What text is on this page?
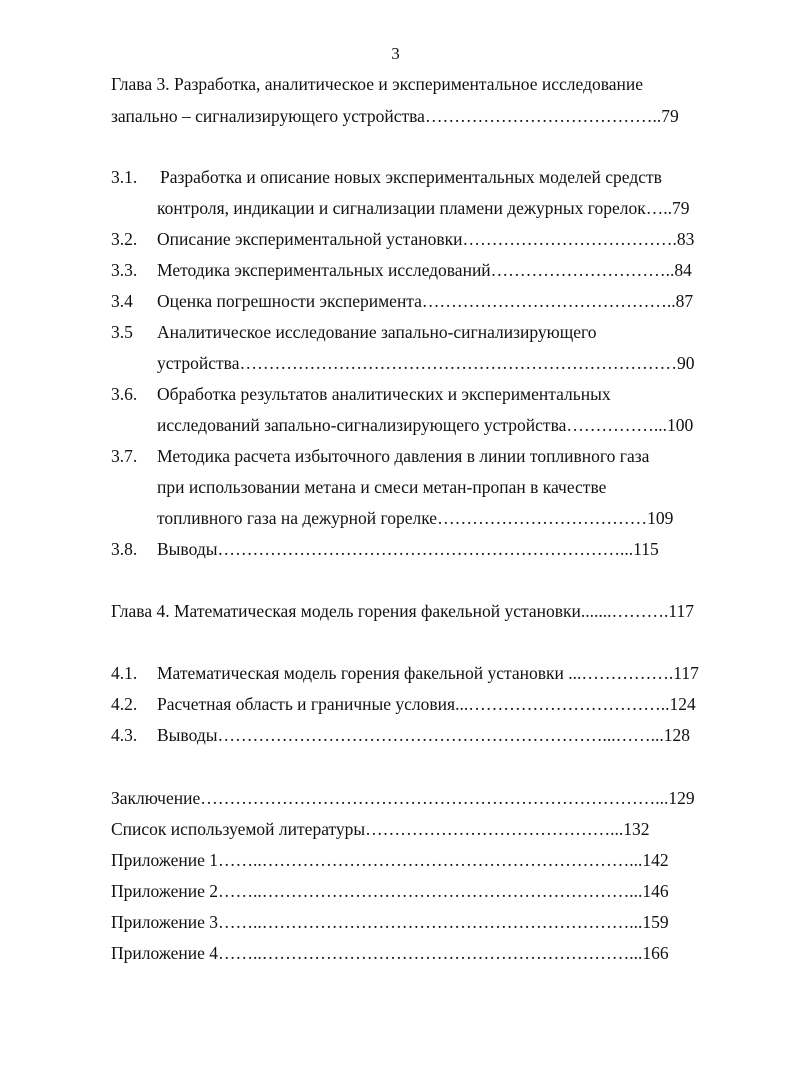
3
Глава 3. Разработка, аналитическое и экспериментальное исследование
запально – сигнализирующего устройства…………………………………..79
3.1. Разработка и описание новых экспериментальных моделей средств
контроля, индикации и сигнализации пламени дежурных горелок…..79
3.2. Описание экспериментальной установки……………………………….83
3.3. Методика экспериментальных исследований…………………………..84
3.4 Оценка погрешности эксперимента……………………………………..87
3.5 Аналитическое исследование запально-сигнализирующего
устройства…………………………………………………………………90
3.6. Обработка результатов аналитических и экспериментальных
исследований запально-сигнализирующего устройства……………...100
3.7. Методика расчета избыточного давления в линии топливного газа
при использовании метана и смеси метан-пропан в качестве
топливного газа на дежурной горелке………………………………109
3.8. Выводы……………………………………………………………...115
Глава 4. Математическая модель горения факельной установки.......……….117
4.1. Математическая модель горения факельной установки ...…………….117
4.2. Расчетная область и граничные условия...……………………………..124
4.3. Выводы…………………………………………………………...……...128
Заключение……………………………………………………………………...129
Список используемой литературы……………………………………...132
Приложение 1……..………………………………………………………...142
Приложение 2……..………………………………………………………...146
Приложение 3……..………………………………………………………...159
Приложение 4……..………………………………………………………...166
